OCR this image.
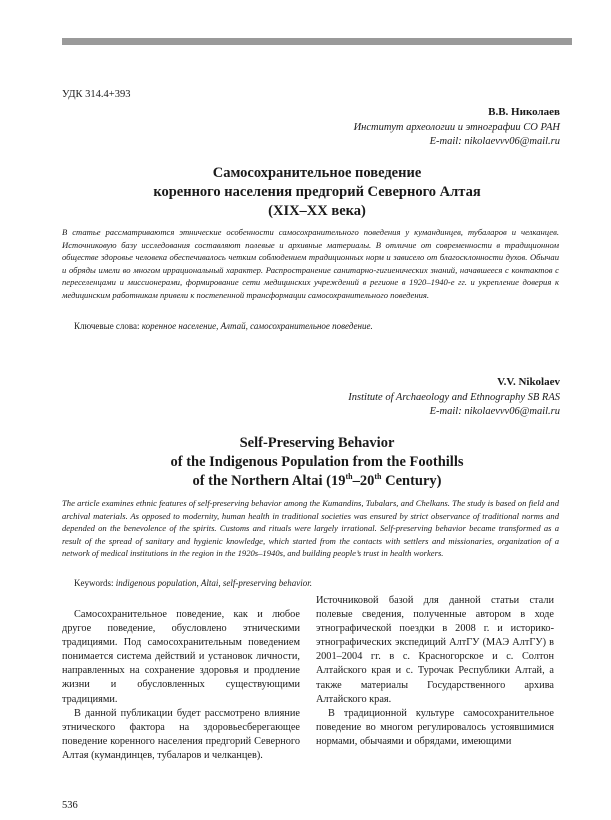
УДК 314.4+393
В.В. Николаев
Институт археологии и этнографии СО РАН
E-mail: nikolaevvv06@mail.ru
Самосохранительное поведение
коренного населения предгорий Северного Алтая
(XIX–XX века)
В статье рассматриваются этнические особенности самосохранительного поведения у кумандинцев, тубаларов и челканцев. Источниковую базу исследования составляют полевые и архивные материалы. В отличие от современности в традиционном обществе здоровье человека обеспечивалось четким соблюдением традиционных норм и зависело от благосклонности духов. Обычаи и обряды имели во многом иррациональный характер. Распространение санитарно-гигиенических знаний, начавшееся с контактов с переселенцами и миссионерами, формирование сети медицинских учреждений в регионе в 1920–1940-е гг. и укрепление доверия к медицинским работникам привели к постепенной трансформации самосохранительного поведения.
Ключевые слова: коренное население, Алтай, самосохранительное поведение.
V.V. Nikolaev
Institute of Archaeology and Ethnography SB RAS
E-mail: nikolaevvv06@mail.ru
Self-Preserving Behavior
of the Indigenous Population from the Foothills
of the Northern Altai (19th–20th Century)
The article examines ethnic features of self-preserving behavior among the Kumandins, Tubalars, and Chelkans. The study is based on field and archival materials. As opposed to modernity, human health in traditional societies was ensured by strict observance of traditional norms and depended on the benevolence of the spirits. Customs and rituals were largely irrational. Self-preserving behavior became transformed as a result of the spread of sanitary and hygienic knowledge, which started from the contacts with settlers and missionaries, organization of a network of medical institutions in the region in the 1920s–1940s, and building people’s trust in health workers.
Keywords: indigenous population, Altai, self-preserving behavior.

Самосохранительное поведение, как и любое другое поведение, обусловлено этническими традициями. Под самосохранительным поведением понимается система действий и установок личности, направленных на сохранение здоровья и продление жизни и обусловленных существующими традициями.

В данной публикации будет рассмотрено влияние этнического фактора на здоровьесберегающее поведение коренного населения предгорий Северного Алтая (кумандинцев, тубаларов и челканцев).

Источниковой базой для данной статьи стали полевые сведения, полученные автором в ходе этнографической поездки в 2008 г. и историко-этнографических экспедиций АлтГУ (МАЭ АлтГУ) в 2001–2004 гг. в с. Красногорское и с. Солтон Алтайского края и с. Турочак Республики Алтай, а также материалы Государственного архива Алтайского края.

В традиционной культуре самосохранительное поведение во многом регулировалось устоявшимися нормами, обычаями и обрядами, имеющими

536
